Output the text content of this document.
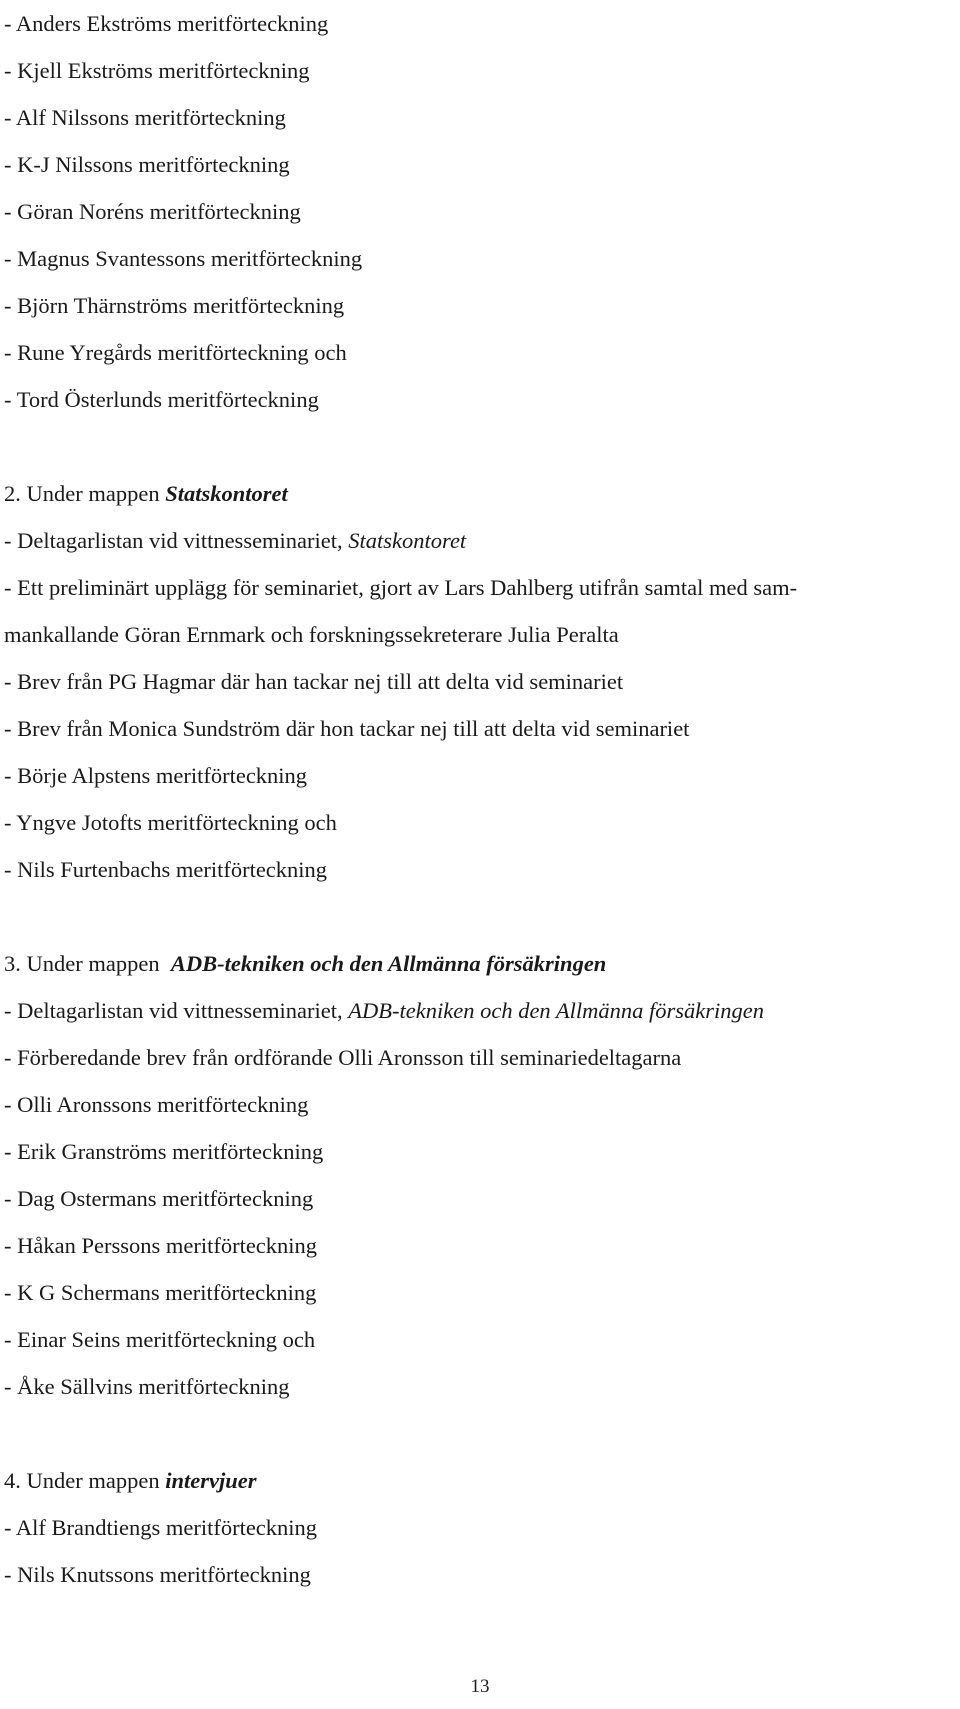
- Anders Ekströms meritförteckning
- Kjell Ekströms meritförteckning
- Alf Nilssons meritförteckning
- K-J Nilssons meritförteckning
- Göran Noréns meritförteckning
- Magnus Svantessons meritförteckning
- Björn Thärnströms meritförteckning
- Rune Yregårds meritförteckning och
- Tord Österlunds meritförteckning
2. Under mappen Statskontoret
- Deltagarlistan vid vittnesseminariet, Statskontoret
- Ett preliminärt upplägg för seminariet, gjort av Lars Dahlberg utifrån samtal med sam-
mankallande Göran Ernmark och forskningssekreterare Julia Peralta
- Brev från PG Hagmar där han tackar nej till att delta vid seminariet
- Brev från Monica Sundström där hon tackar nej till att delta vid seminariet
- Börje Alpstens meritförteckning
- Yngve Jotofts meritförteckning och
- Nils Furtenbachs meritförteckning
3. Under mappen  ADB-tekniken och den Allmänna försäkringen
- Deltagarlistan vid vittnesseminariet, ADB-tekniken och den Allmänna försäkringen
- Förberedande brev från ordförande Olli Aronsson till seminariedeltagarna
- Olli Aronssons meritförteckning
- Erik Granströms meritförteckning
- Dag Ostermans meritförteckning
- Håkan Perssons meritförteckning
- K G Schermans meritförteckning
- Einar Seins meritförteckning och
- Åke Sällvins meritförteckning
4. Under mappen intervjuer
- Alf Brandtiengs meritförteckning
- Nils Knutssons meritförteckning
13
